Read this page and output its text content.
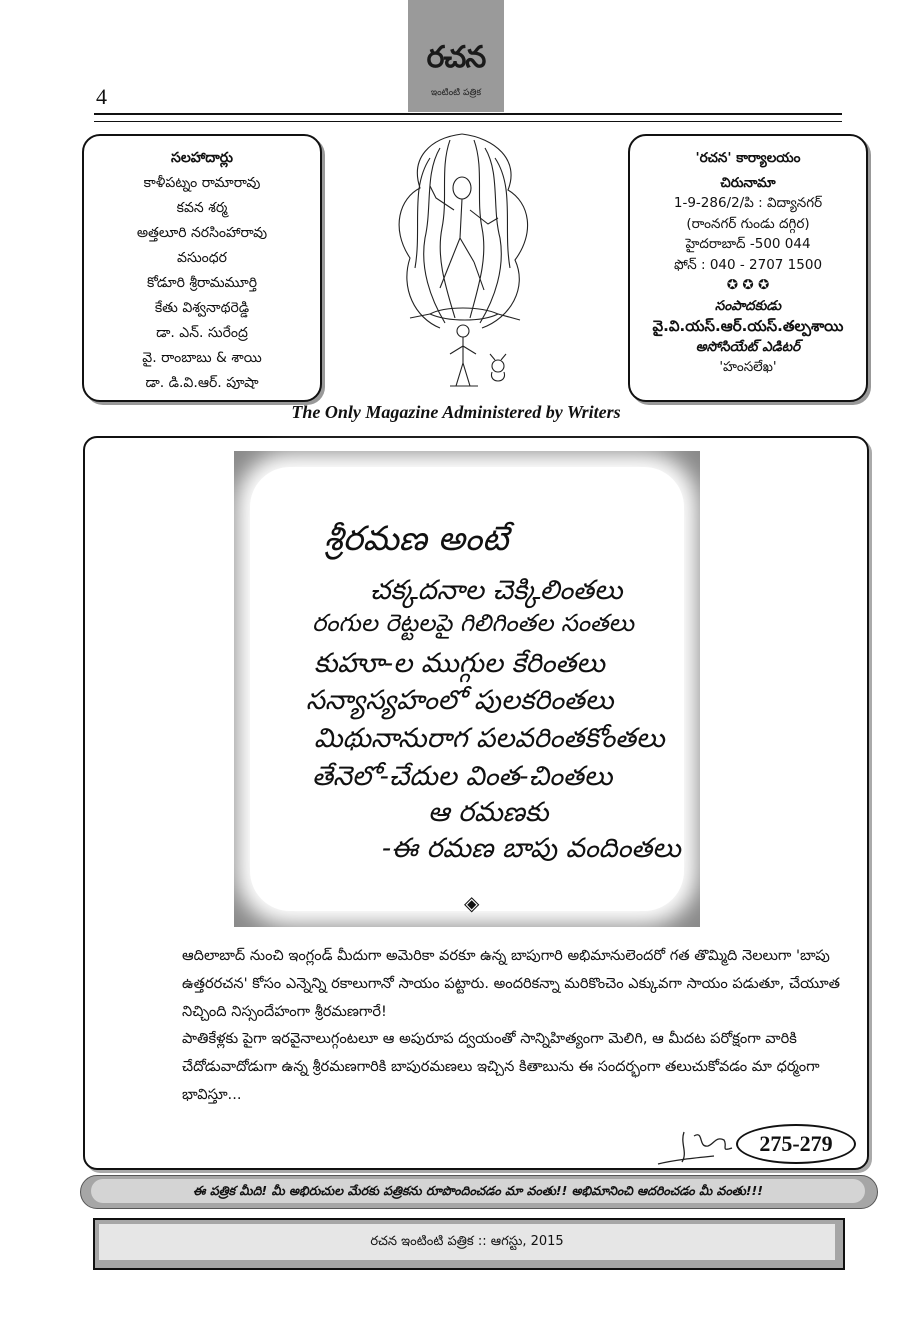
రచన
ఇంటింటి పత్రిక
4
సలహాదార్లు
కాళీపట్నం రామారావు
కవన శర్మ
అత్తలూరి నరసింహారావు
వసుంధర
కోడూరి శ్రీరామమూర్తి
కేతు విశ్వనాథరెడ్డి
డా. ఎన్. సురేంద్ర
వై. రాంబాబు & శాయి
డా. డి.వి.ఆర్. పూషా
'రచన' కార్యాలయం
చిరునామా
1-9-286/2/పి : విద్యానగర్
(రాంనగర్ గుండు దగ్గిర)
హైదరాబాద్ -500 044
ఫోన్ : 040 - 2707 1500
✪ ✪ ✪
సంపాదకుడు
వై.వి.యస్.ఆర్.యస్.తల్పశాయి
అసోసియేట్ ఎడిటర్
'హంసలేఖ'
The Only Magazine Administered by Writers
శ్రీరమణ అంటే
చక్కదనాల చెక్కిలింతలు
రంగుల రెట్టలపై గిలిగింతల సంతలు
కుహూ-ల ముగ్గుల కేరింతలు
సన్యాస్యహంలో పులకరింతలు
మిథునానురాగ పలవరింతకోంతలు
తేనెలో-చేదుల వింత-చింతలు
ఆ రమణకు
-ఈ రమణ బాపు వందింతలు
◈

ఆదిలాబాద్ నుంచి ఇంగ్లండ్ మీదుగా అమెరికా వరకూ ఉన్న బాపుగారి అభిమానులెందరో గత తొమ్మిది నెలలుగా 'బాపు ఉత్తరరచన' కోసం ఎన్నెన్ని రకాలుగానో సాయం పట్టారు. అందరికన్నా మరికొంచెం ఎక్కువగా సాయం పడుతూ, చేయూత నిచ్చింది నిస్సందేహంగా శ్రీరమణగారే!

పాతికేళ్లకు పైగా ఇరవైనాలుగ్గంటలూ ఆ అపురూప ద్వయంతో సాన్నిహిత్యంగా మెలిగి, ఆ మీదట పరోక్షంగా వారికి చేదోడువాదోడుగా ఉన్న శ్రీరమణగారికి బాపురమణలు ఇచ్చిన కితాబును ఈ సందర్భంగా తలుచుకోవడం మా ధర్మంగా భావిస్తూ...

275-279
ఈ పత్రిక మీది! మీ అభిరుచుల మేరకు పత్రికను రూపొందించడం మా వంతు!! అభిమానించి ఆదరించడం మీ వంతు!!!
రచన ఇంటింటి పత్రిక :: ఆగస్టు, 2015
